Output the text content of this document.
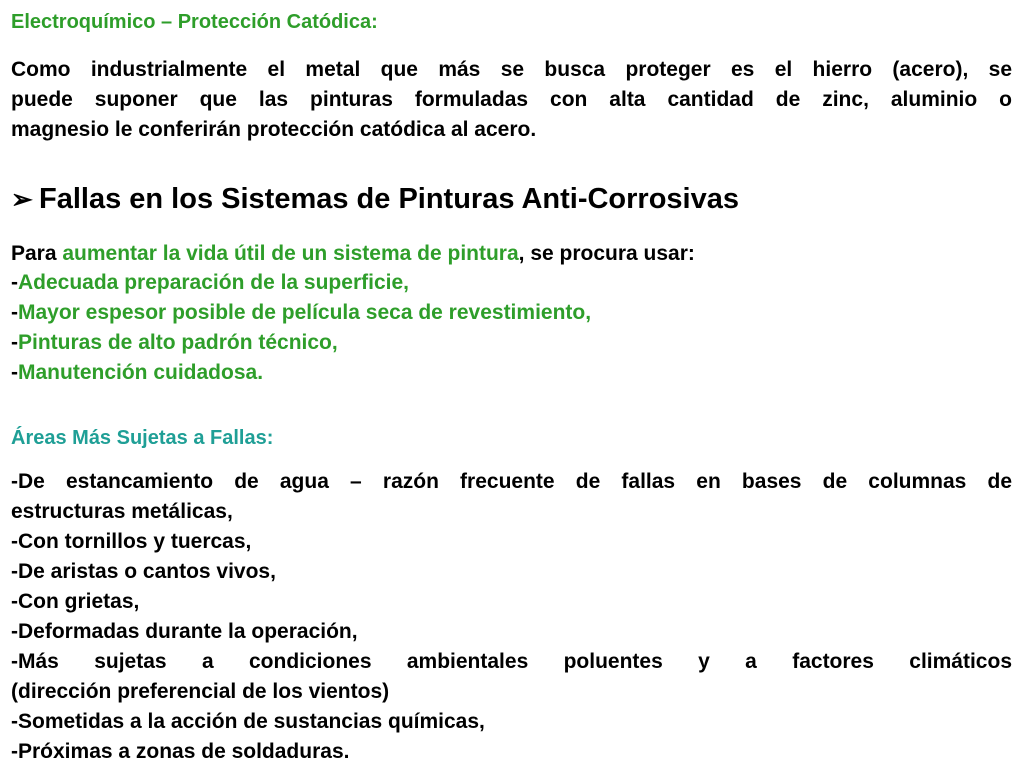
Electroquímico – Protección Catódica:

Como industrialmente el metal que más se busca proteger es el hierro (acero), se
puede suponer que las pinturas formuladas con alta cantidad de zinc, aluminio o
magnesio le conferirán protección catódica al acero.

➢ Fallas en los Sistemas de Pinturas Anti-Corrosivas

Para aumentar la vida útil de un sistema de pintura, se procura usar:

-Adecuada preparación de la superficie,
-Mayor espesor posible de película seca de revestimiento,
-Pinturas de alto padrón técnico,
-Manutención cuidadosa.

Áreas Más Sujetas a Fallas:

-De estancamiento de agua – razón frecuente de fallas en bases de columnas de
estructuras metálicas,
-Con tornillos y tuercas,
-De aristas o cantos vivos,
-Con grietas,
-Deformadas durante la operación,
-Más sujetas a condiciones ambientales poluentes y a factores climáticos
(dirección preferencial de los vientos)
-Sometidas a la acción de sustancias químicas,
-Próximas a zonas de soldaduras.
